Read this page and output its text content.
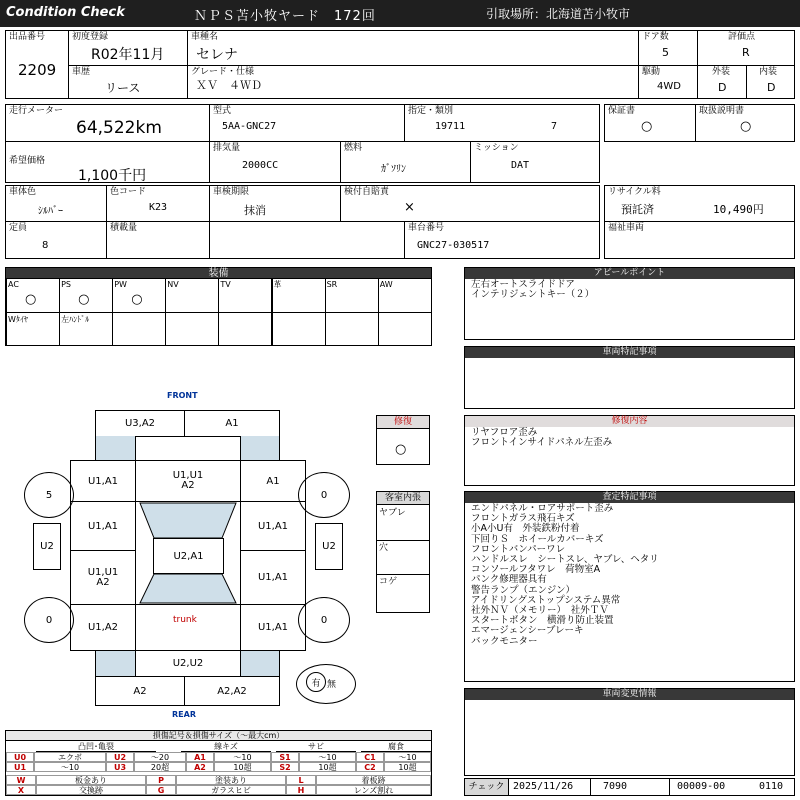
Condition Check	ＮＰＳ苫小牧ヤード　172回	引取場所：北海道苫小牧市
出品番号
2209
初度登録
R02年11月
車種名
セレナ
ドア数
5
評価点
R
車歴
リース
グレード・仕様
ＸＶ　４ＷＤ
駆動
4WD
外装
D
内装
D
走行メーター
64,522km
型式
5AA-GNC27
指定・類別
19711	7
保証書
○
取扱説明書
○
希望価格
1,100千円
排気量
2000CC
燃料
ｶﾞｿﾘﾝ
ミッション
DAT
車体色
ｼﾙﾊﾞｰ
色コード
K23
車検期限
抹消
検付自賠責
×
リサイクル料
預託済	10,490円
定員
8
積載量	車台番号
GNC27-030517
福祉車両
装備
AC
○
PS
○
PW
○
NV	TV	革	SR	AW
Wﾀｲﾔ	左ﾊﾝﾄﾞﾙ
アピールポイント
左右オートスライドドア
インテリジェントキー（２）
車両特記事項
修復内容
リヤフロア歪み
フロントインサイドパネル左歪み
査定特記事項
エンドパネル・ロアサポート歪み
フロントガラス飛石キズ
小A小U有　外装鉄粉付着
下回りＳ　ホイールカバーキズ
フロントバンパーワレ
ハンドルスレ　シートスレ、ヤブレ、ヘタリ
コンソールフタワレ　荷物室A
パンク修理器具有
警告ランプ（エンジン）
アイドリングストップシステム異常
社外ＮＶ（メモリー）　社外ＴＶ
スタートボタン　横滑り防止装置
エマージェンシーブレーキ
バックモニター
車両変更情報
チェック 2025/11/26	7090	00009-00	0110
修復
○
客室内張
ヤブレ
穴
コゲ
FRONT
REAR
U3,A2	A1
U1,A1	U1,U1
A2	A1
U1,A1	U1,A1
U1,U1
A2	U1,A1
U1,A2	U1,A1
U2,A1
trunk
U2,U2
A2	A2,A2
U2	U2
5	0
0	0
有 無
損傷記号＆損傷サイズ（〜最大cm）
凸凹･亀裂	線キズ	サビ	腐食
U0	エクボ	U2	〜20	A1	〜10	S1	〜10	C1	〜10
U1	〜10	U3	20超	A2	10超	S2	10超	C2	10超
W	板金あり	P	塗装あり	L	着板跡
X	交換跡	G	ガラスヒビ	H	レンズ割れ
